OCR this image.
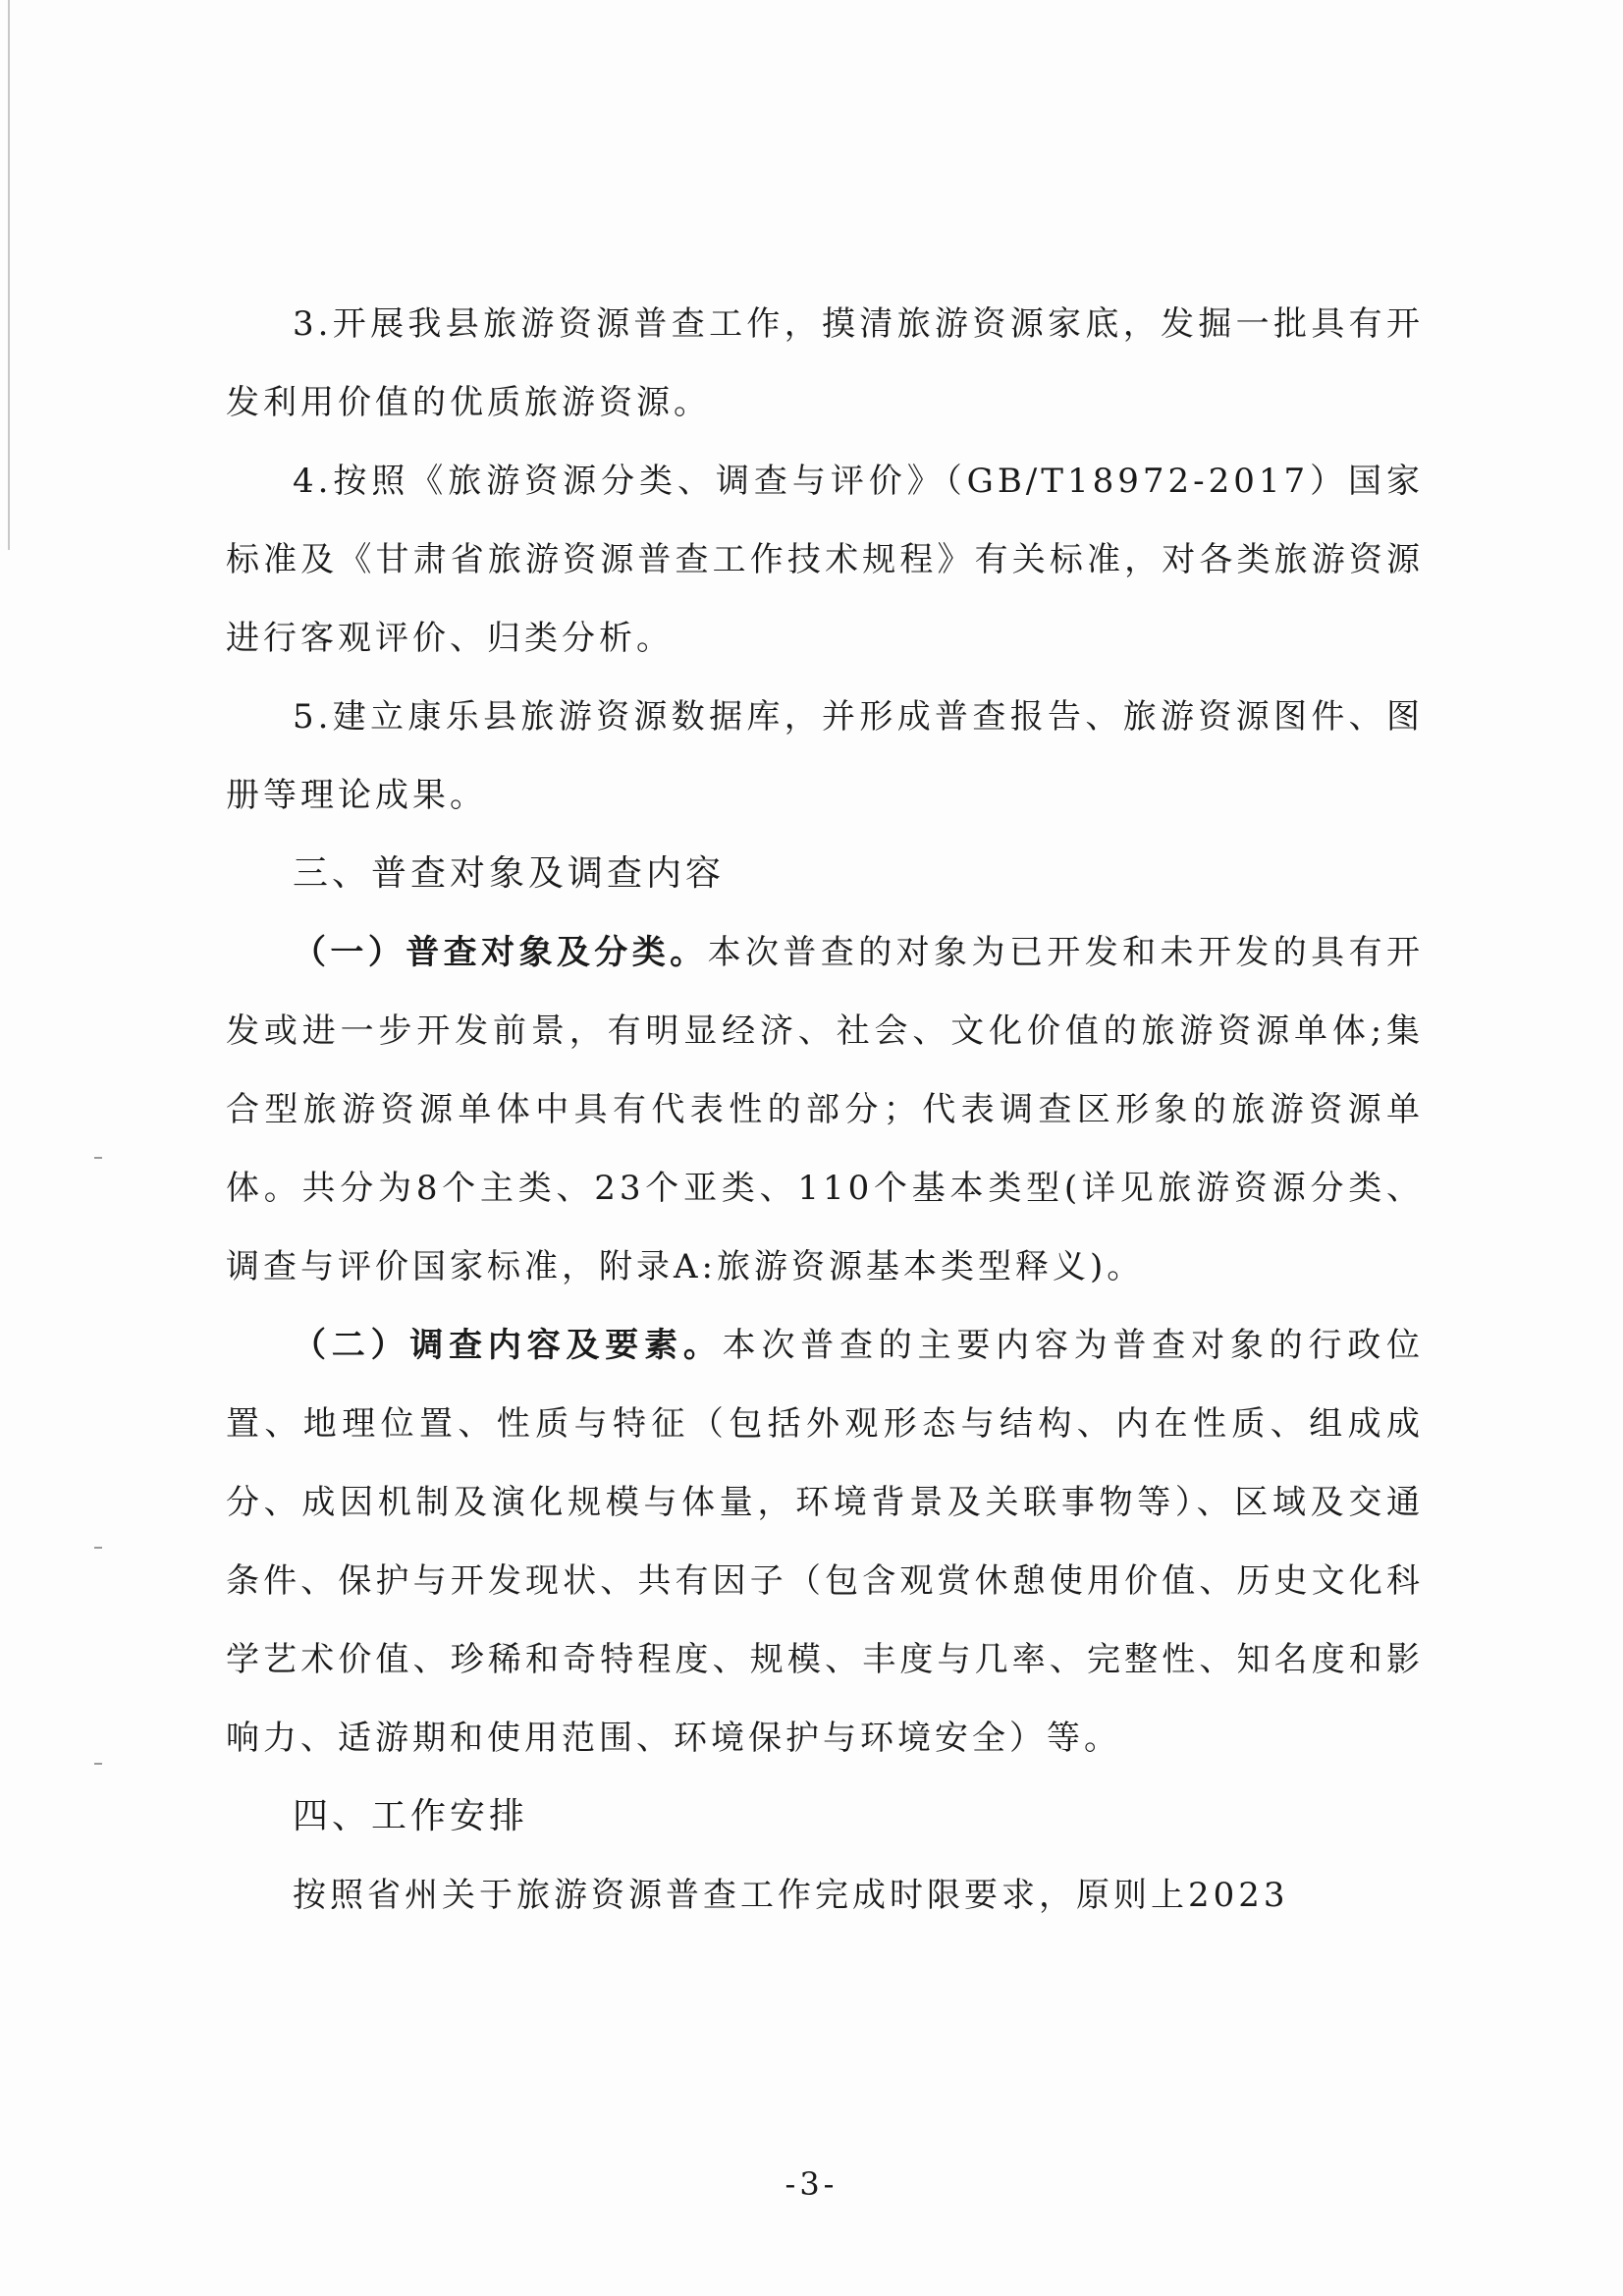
3.开展我县旅游资源普查工作，摸清旅游资源家底，发掘一批具有开发利用价值的优质旅游资源。

4.按照《旅游资源分类、调查与评价》（GB/T18972-2017）国家标准及《甘肃省旅游资源普查工作技术规程》有关标准，对各类旅游资源进行客观评价、归类分析。

5.建立康乐县旅游资源数据库，并形成普查报告、旅游资源图件、图册等理论成果。

三、普查对象及调查内容

（一）普查对象及分类。本次普查的对象为已开发和未开发的具有开发或进一步开发前景，有明显经济、社会、文化价值的旅游资源单体;集合型旅游资源单体中具有代表性的部分；代表调查区形象的旅游资源单体。共分为8个主类、23个亚类、110个基本类型(详见旅游资源分类、调查与评价国家标准，附录A:旅游资源基本类型释义)。

（二）调查内容及要素。本次普查的主要内容为普查对象的行政位置、地理位置、性质与特征（包括外观形态与结构、内在性质、组成成分、成因机制及演化规模与体量，环境背景及关联事物等）、区域及交通条件、保护与开发现状、共有因子（包含观赏休憩使用价值、历史文化科学艺术价值、珍稀和奇特程度、规模、丰度与几率、完整性、知名度和影响力、适游期和使用范围、环境保护与环境安全）等。

四、工作安排

按照省州关于旅游资源普查工作完成时限要求，原则上2023

-3-
